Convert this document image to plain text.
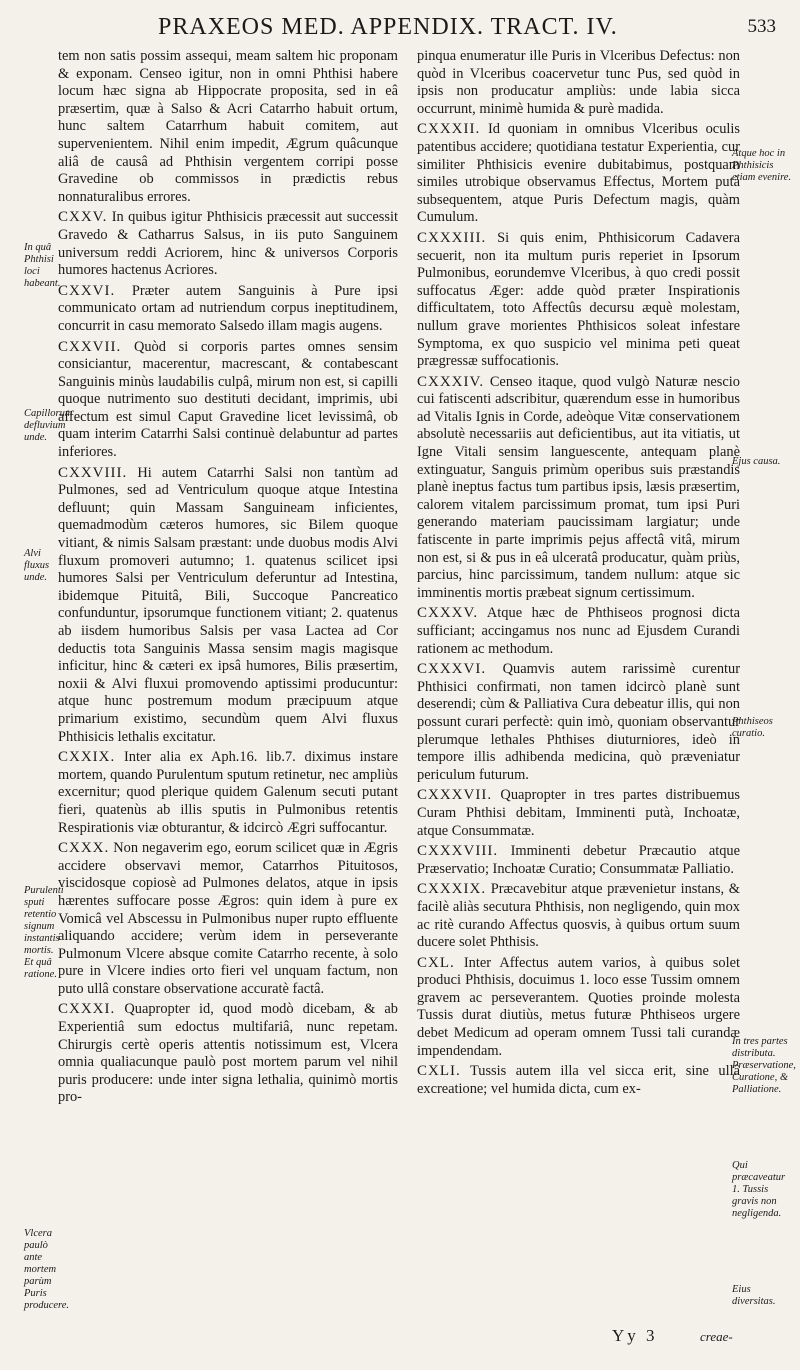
PRAXEOS MED. APPENDIX. TRACT. IV.	533

tem non satis possim assequi, meam saltem hic proponam & exponam. Censeo igitur, non in omni Phthisi habere locum hæc signa ab Hippocrate proposita, sed in eâ præsertim, quæ à Salso & Acri Catarrho habuit ortum, hunc saltem Catarrhum habuit comitem, aut supervenientem. Nihil enim impedit, Ægrum quâcunque aliâ de causâ ad Phthisin vergentem corripi posse Gravedine ob commissos in prædictis rebus nonnaturalibus errores.

CXXV. In quibus igitur Phthisicis præcessit aut successit Gravedo & Catharrus Salsus, in iis puto Sanguinem universum reddi Acriorem, hinc & universos Corporis humores hactenus Acriores.

CXXVI. Præter autem Sanguinis à Pure ipsi communicato ortam ad nutriendum corpus ineptitudinem, concurrit in casu memorato Salsedo illam magis augens.

CXXVII. Quòd si corporis partes omnes sensim consiciantur, macerentur, macrescant, & contabescant Sanguinis minùs laudabilis culpâ, mirum non est, si capilli quoque nutrimento suo destituti decidant, imprimis, ubi affectum est simul Caput Gravedine licet levissimâ, ob quam interim Catarrhi Salsi continuè delabuntur ad partes inferiores.

CXXVIII. Hi autem Catarrhi Salsi non tantùm ad Pulmones, sed ad Ventriculum quoque atque Intestina defluunt; quin Massam Sanguineam inficientes, quemadmodùm cæteros humores, sic Bilem quoque vitiant, & nimis Salsam præstant: unde duobus modis Alvi fluxum promoveri autumno; 1. quatenus scilicet ipsi humores Salsi per Ventriculum deferuntur ad Intestina, ibidemque Pituitâ, Bili, Succoque Pancreatico confunduntur, ipsorumque functionem vitiant; 2. quatenus ab iisdem humoribus Salsis per vasa Lactea ad Cor deductis tota Sanguinis Massa sensim magis magisque inficitur, hinc & cæteri ex ipsâ humores, Bilis præsertim, noxii & Alvi fluxui promovendo aptissimi producuntur: atque hunc postremum modum præcipuum atque primarium existimo, secundùm quem Alvi fluxus Phthisicis lethalis excitatur.

CXXIX. Inter alia ex Aph.16. lib.7. diximus instare mortem, quando Purulentum sputum retinetur, nec ampliùs excernitur; quod plerique quidem Galenum secuti putant fieri, quatenùs ab illis sputis in Pulmonibus retentis Respirationis viæ obturantur, & idcircò Ægri suffocantur.

CXXX. Non negaverim ego, eorum scilicet quæ in Ægris accidere observavi memor, Catarrhos Pituitosos, viscidosque copiosè ad Pulmones delatos, atque in ipsis hærentes suffocare posse Ægros: quin idem à pure ex Vomicâ vel Abscessu in Pulmonibus nuper rupto effluente aliquando accidere; verùm idem in perseverante Pulmonum Vlcere absque comite Catarrho recente, à solo pure in Vlcere indies orto fieri vel unquam factum, non puto ullâ constare observatione accuratè factâ.

CXXXI. Quapropter id, quod modò dicebam, & ab Experientiâ sum edoctus multifariâ, nunc repetam. Chirurgis certè operis attentis notissimum est, Vlcera omnia qualiacunque paulò post mortem parum vel nihil puris producere: unde inter signa lethalia, quinimò mortis pro-

pinqua enumeratur ille Puris in Vlceribus Defectus: non quòd in Vlceribus coacervetur tunc Pus, sed quòd in ipsis non producatur ampliùs: unde labia sicca occurrunt, minimè humida & purè madida.

CXXXII. Id quoniam in omnibus Vlceribus oculis patentibus accidere; quotidiana testatur Experientia, cur similiter Phthisicis evenire dubitabimus, postquam similes utrobique observamus Effectus, Mortem putà subsequentem, atque Puris Defectum magis, quàm Cumulum.

CXXXIII. Si quis enim, Phthisicorum Cadavera secuerit, non ita multum puris reperiet in Ipsorum Pulmonibus, eorundemve Vlceribus, à quo credi possit suffocatus Æger: adde quòd præter Inspirationis difficultatem, toto Affectûs decursu æquè molestam, nullum grave morientes Phthisicos soleat infestare Symptoma, ex quo suspicio vel minima peti queat prægressæ suffocationis.

CXXXIV. Censeo itaque, quod vulgò Naturæ nescio cui fatiscenti adscribitur, quærendum esse in humoribus ad Vitalis Ignis in Corde, adeòque Vitæ conservationem absolutè necessariis aut deficientibus, aut ita vitiatis, ut Igne Vitali sensim languescente, antequam planè extinguatur, Sanguis primùm operibus suis præstandis planè ineptus factus tum partibus ipsis, læsis præsertim, calorem vitalem parcissimum promat, tum ipsi Puri generando materiam paucissimam largiatur; unde fatiscente in parte imprimis pejus affectâ vitâ, mirum non est, si & pus in eâ ulceratâ producatur, quàm priùs, parcius, hinc parcissimum, tandem nullum: atque sic imminentis mortis præbeat signum certissimum.

CXXXV. Atque hæc de Phthiseos prognosi dicta sufficiant; accingamus nos nunc ad Ejusdem Curandi rationem ac methodum.

CXXXVI. Quamvis autem rarissimè curentur Phthisici confirmati, non tamen idcircò planè sunt deserendi; cùm & Palliativa Cura debeatur illis, qui non possunt curari perfectè: quin imò, quoniam observantur plerumque lethales Phthises diuturniores, ideò in tempore illis adhibenda medicina, quò præveniatur periculum futurum.

CXXXVII. Quapropter in tres partes distribuemus Curam Phthisi debitam, Imminenti putà, Inchoatæ, atque Consummatæ.

CXXXVIII. Imminenti debetur Præcautio atque Præservatio; Inchoatæ Curatio; Consummatæ Palliatio.

CXXXIX. Præcavebitur atque prævenietur instans, & facilè aliàs secutura Phthisis, non negligendo, quin mox ac ritè curando Affectus quosvis, à quibus ortum suum ducere solet Phthisis.

CXL. Inter Affectus autem varios, à quibus solet produci Phthisis, docuimus 1. loco esse Tussim omnem gravem ac perseverantem. Quoties proinde molesta Tussis durat diutiùs, metus futuræ Phthiseos urgere debet Medicum ad operam omnem Tussi tali curandæ impendendam.

CXLI. Tussis autem illa vel sicca erit, sine ullâ excreatione; vel humida dicta, cum ex-

In quâ Phthisi loci habeant.
Capillorum defluvium unde.
Alvi fluxus unde.
Purulenti sputi retentio signum instantis mortis. Et quâ ratione.
Vlcera paulò ante mortem parùm Puris producere.
Atque hoc in Phthisicis etiam evenire.
Ejus causa.
Phthiseos curatio.
In tres partes distributa. Præservatione, Curatione, & Palliatione.
Qui præcaveatur 1. Tussis gravis non negligenda.
Eius diversitas.
Yy 3	creae-
